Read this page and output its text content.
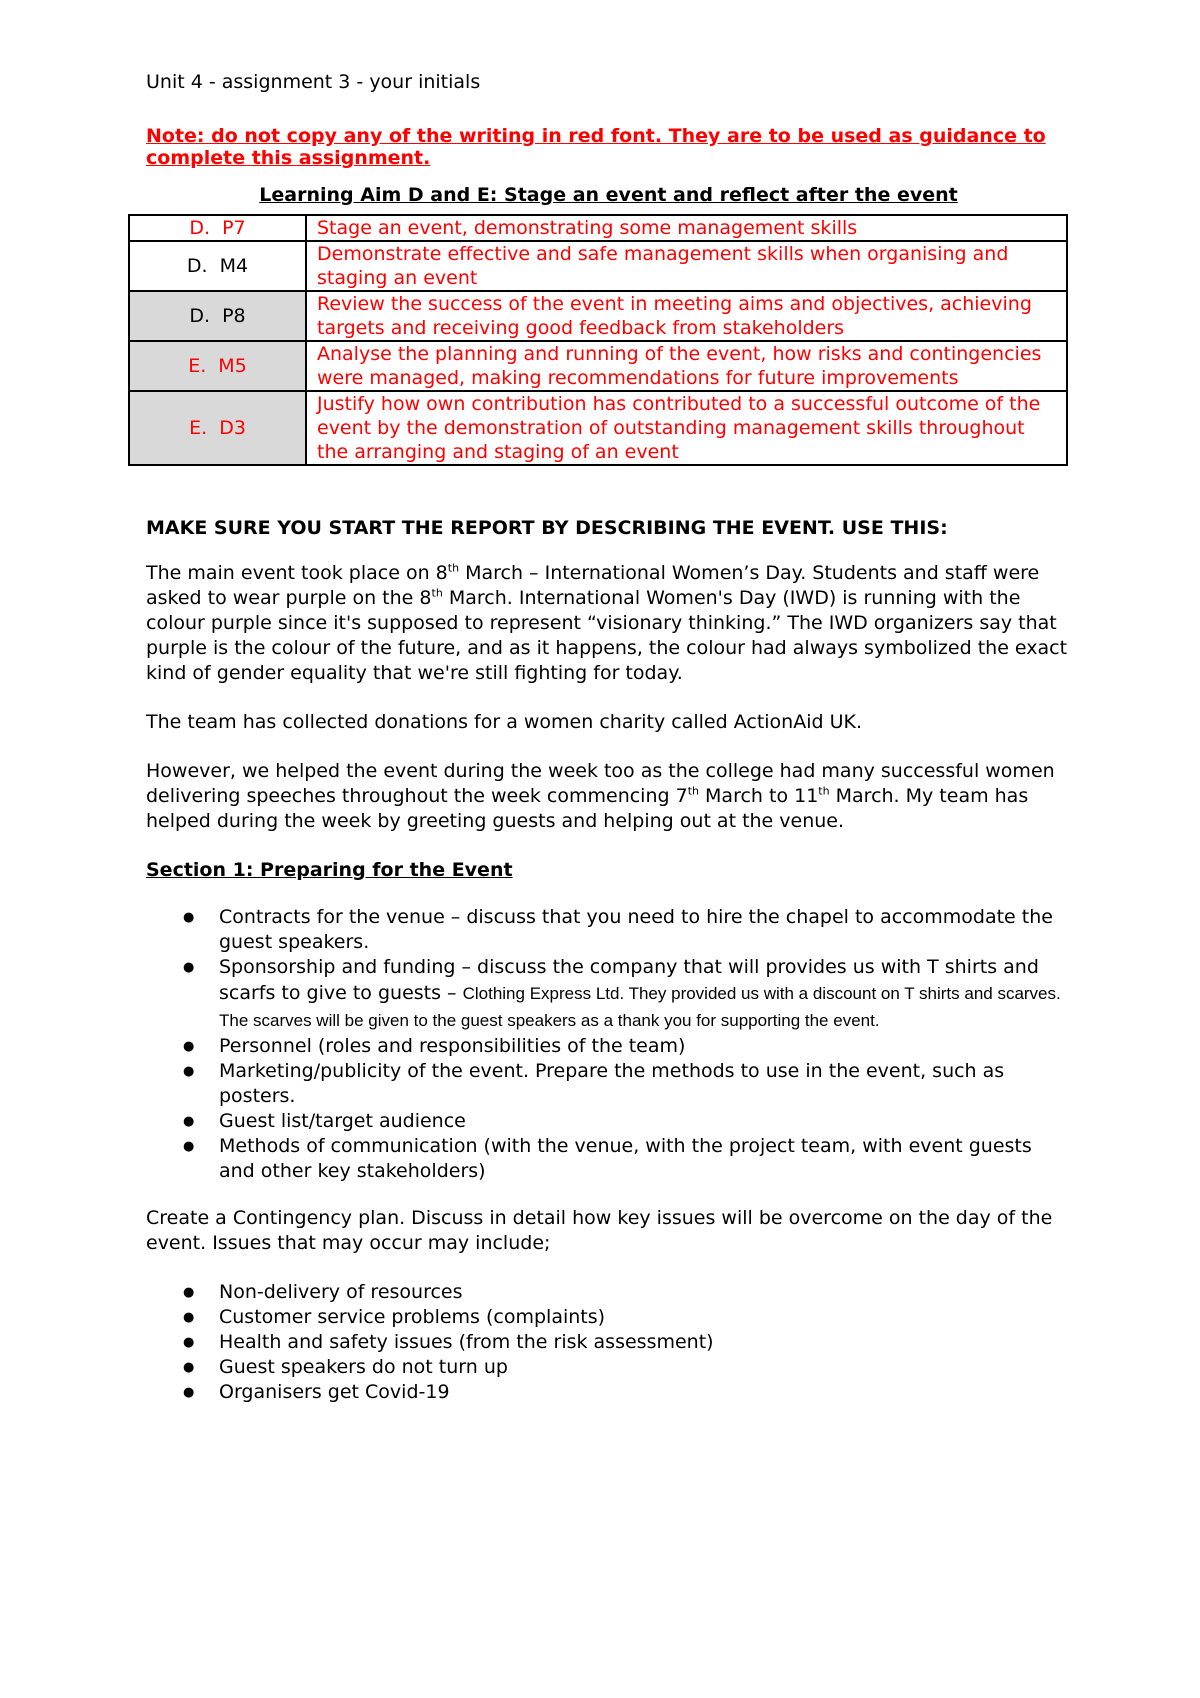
Unit 4 - assignment 3 - your initials
Note: do not copy any of the writing in red font. They are to be used as guidance to complete this assignment.
Learning Aim D and E: Stage an event and reflect after the event
D.  P7	Stage an event, demonstrating some management skills
D.  M4	Demonstrate effective and safe management skills when organising and staging an event
D.  P8	Review the success of the event in meeting aims and objectives, achieving targets and receiving good feedback from stakeholders
E.  M5	Analyse the planning and running of the event, how risks and contingencies were managed, making recommendations for future improvements
E.  D3	Justify how own contribution has contributed to a successful outcome of the event by the demonstration of outstanding management skills throughout the arranging and staging of an event
MAKE SURE YOU START THE REPORT BY DESCRIBING THE EVENT. USE THIS:

The main event took place on 8th March – International Women’s Day. Students and staff were asked to wear purple on the 8th March. International Women's Day (IWD) is running with the colour purple since it's supposed to represent “visionary thinking.” The IWD organizers say that purple is the colour of the future, and as it happens, the colour had always symbolized the exact kind of gender equality that we're still fighting for today.

The team has collected donations for a women charity called ActionAid UK.

However, we helped the event during the week too as the college had many successful women delivering speeches throughout the week commencing 7th March to 11th March. My team has helped during the week by greeting guests and helping out at the venue.

Section 1: Preparing for the Event
● Contracts for the venue – discuss that you need to hire the chapel to accommodate the guest speakers.
● Sponsorship and funding – discuss the company that will provides us with T shirts and scarfs to give to guests – Clothing Express Ltd. They provided us with a discount on T shirts and scarves. The scarves will be given to the guest speakers as a thank you for supporting the event.
● Personnel (roles and responsibilities of the team)
● Marketing/publicity of the event. Prepare the methods to use in the event, such as posters.
● Guest list/target audience
● Methods of communication (with the venue, with the project team, with event guests and other key stakeholders)

Create a Contingency plan. Discuss in detail how key issues will be overcome on the day of the event. Issues that may occur may include;

● Non-delivery of resources
● Customer service problems (complaints)
● Health and safety issues (from the risk assessment)
● Guest speakers do not turn up
● Organisers get Covid-19
